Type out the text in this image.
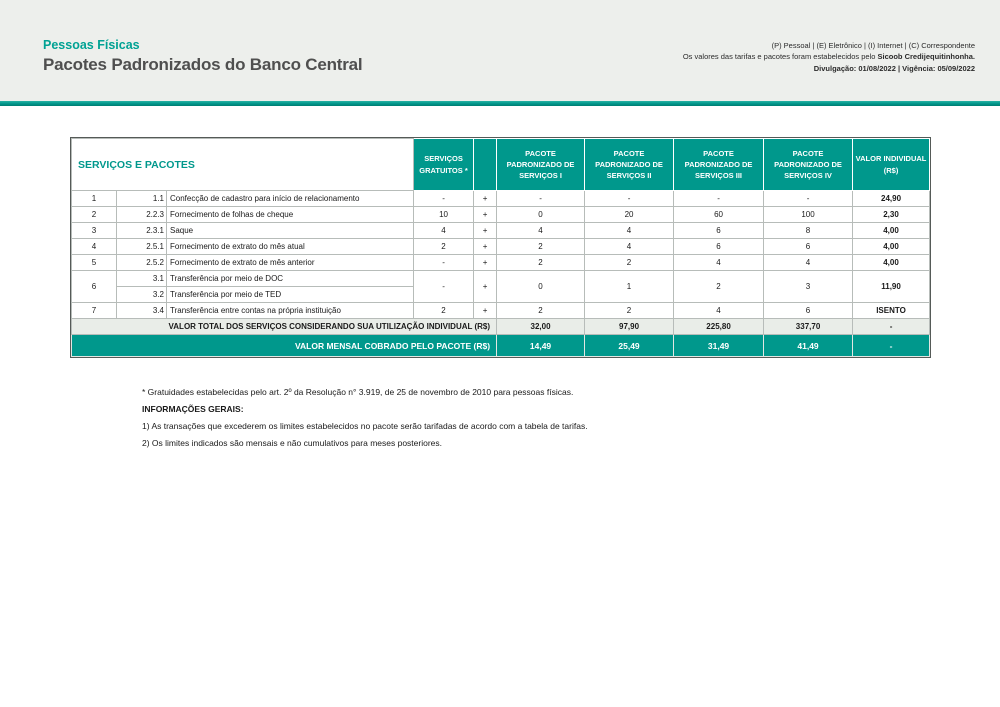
Pessoas Físicas

Pacotes Padronizados do Banco Central
(P) Pessoal | (E) Eletrônico | (I) Internet | (C) Correspondente
Os valores das tarifas e pacotes foram estabelecidos pelo Sicoob Credijequitinhonha.
Divulgação: 01/08/2022 | Vigência: 05/09/2022
SERVIÇOS E PACOTES			SERVIÇOS GRATUITOS *		PACOTE PADRONIZADO DE SERVIÇOS I	PACOTE PADRONIZADO DE SERVIÇOS II	PACOTE PADRONIZADO DE SERVIÇOS III	PACOTE PADRONIZADO DE SERVIÇOS IV	VALOR INDIVIDUAL (R$)
1	1.1	Confecção de cadastro para início de relacionamento	-	+	-	-	-	-	24,90
2	2.2.3	Fornecimento de folhas de cheque	10	+	0	20	60	100	2,30
3	2.3.1	Saque	4	+	4	4	6	8	4,00
4	2.5.1	Fornecimento de extrato do mês atual	2	+	2	4	6	6	4,00
5	2.5.2	Fornecimento de extrato de mês anterior	-	+	2	2	4	4	4,00
6	3.1	Transferência por meio de DOC	-	+	0	1	2	3	11,90
	3.2	Transferência por meio de TED							
7	3.4	Transferência entre contas na própria instituição	2	+	2	2	4	6	ISENTO
VALOR TOTAL DOS SERVIÇOS CONSIDERANDO SUA UTILIZAÇÃO INDIVIDUAL (R$)					32,00	97,90	225,80	337,70	-
VALOR MENSAL COBRADO PELO PACOTE (R$)					14,49	25,49	31,49	41,49	-

* Gratuidades estabelecidas pelo art. 2º da Resolução n° 3.919, de 25 de novembro de 2010 para pessoas físicas.

INFORMAÇÕES GERAIS:

1) As transações que excederem os limites estabelecidos no pacote serão tarifadas de acordo com a tabela de tarifas.

2) Os limites indicados são mensais e não cumulativos para meses posteriores.
